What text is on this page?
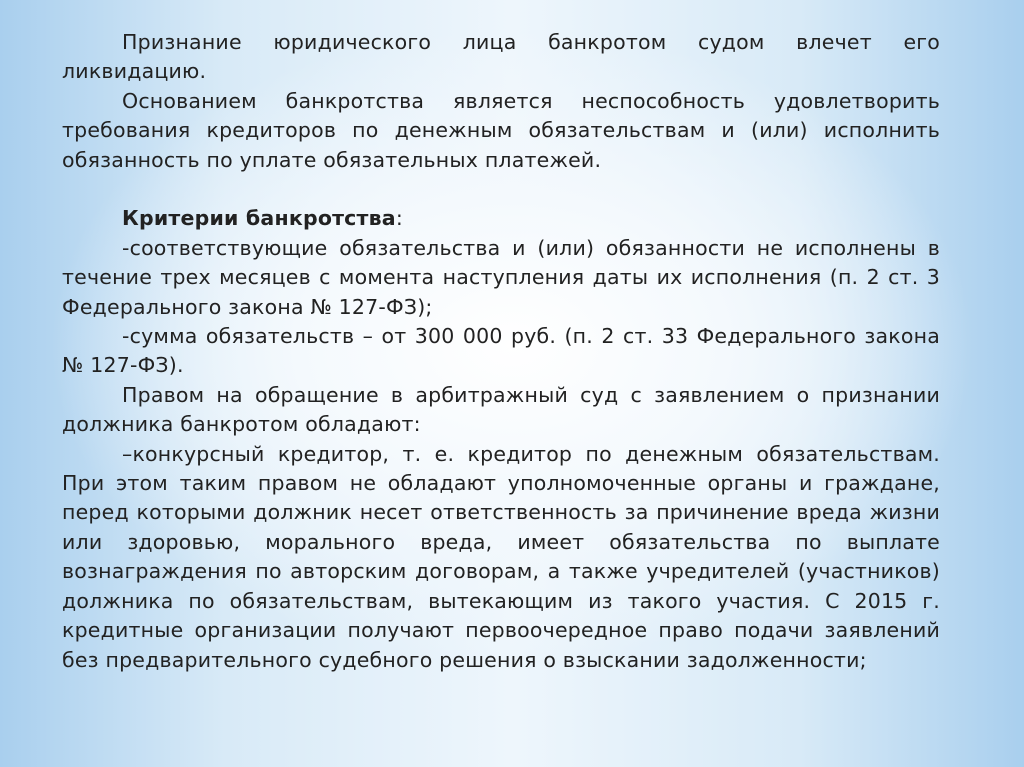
Признание юридического лица банкротом судом влечет его ликвидацию.

Основанием банкротства является неспособность удовлетворить требования кредиторов по денежным обязательствам и (или) исполнить обязанность по уплате обязательных платежей.

Критерии банкротства:

-соответствующие обязательства и (или) обязанности не исполнены в течение трех месяцев с момента наступления даты их исполнения (п. 2 ст. 3 Федерального закона № 127-ФЗ);

-сумма обязательств – от 300 000 руб. (п. 2 ст. 33 Федерального закона № 127-ФЗ).

Правом на обращение в арбитражный суд с заявлением о признании должника банкротом обладают:

–конкурсный кредитор, т. е. кредитор по денежным обязательствам. При этом таким правом не обладают уполномоченные органы и граждане, перед которыми должник несет ответственность за причинение вреда жизни или здоровью, морального вреда, имеет обязательства по выплате вознаграждения по авторским договорам, а также учредителей (участников) должника по обязательствам, вытекающим из такого участия. С 2015 г. кредитные организации получают первоочередное право подачи заявлений без предварительного судебного решения о взыскании задолженности;
